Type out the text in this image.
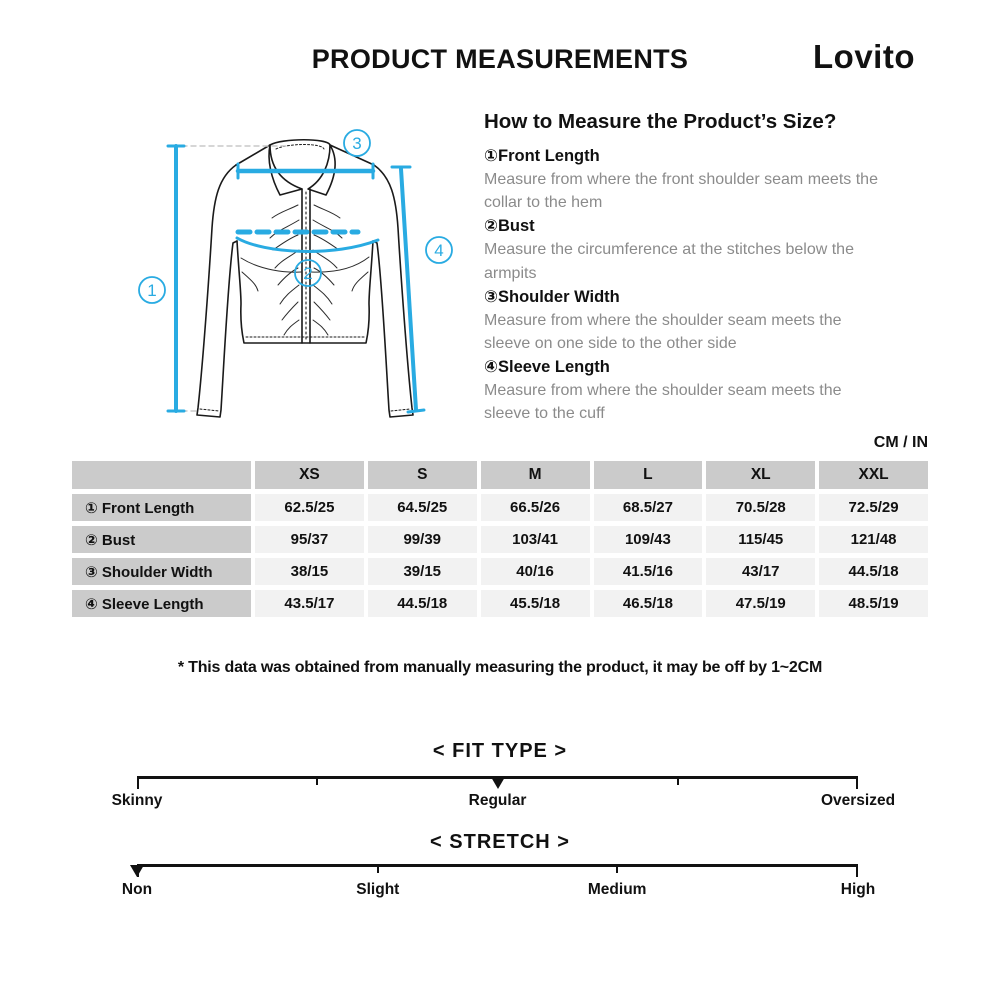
PRODUCT MEASUREMENTS	Lovito
1
2
3
4
How to Measure the Product’s Size?
①Front Length

Measure from where the front shoulder seam meets the collar to the hem

②Bust

Measure the circumference at the stitches below the armpits

③Shoulder Width

Measure from where the shoulder seam meets the sleeve on one side to the other side

④Sleeve Length

Measure from where the shoulder seam meets the sleeve to the cuff

CM / IN
XS	S	M	L	XL	XXL
① Front Length	62.5/25	64.5/25	66.5/26	68.5/27	70.5/28	72.5/29
② Bust	95/37	99/39	103/41	109/43	115/45	121/48
③ Shoulder Width	38/15	39/15	40/16	41.5/16	43/17	44.5/18
④ Sleeve Length	43.5/17	44.5/18	45.5/18	46.5/18	47.5/19	48.5/19
* This data was obtained from manually measuring the product, it may be off by 1~2CM
< FIT TYPE >
Skinny	Regular	Oversized
< STRETCH >
Non	Slight	Medium	High
